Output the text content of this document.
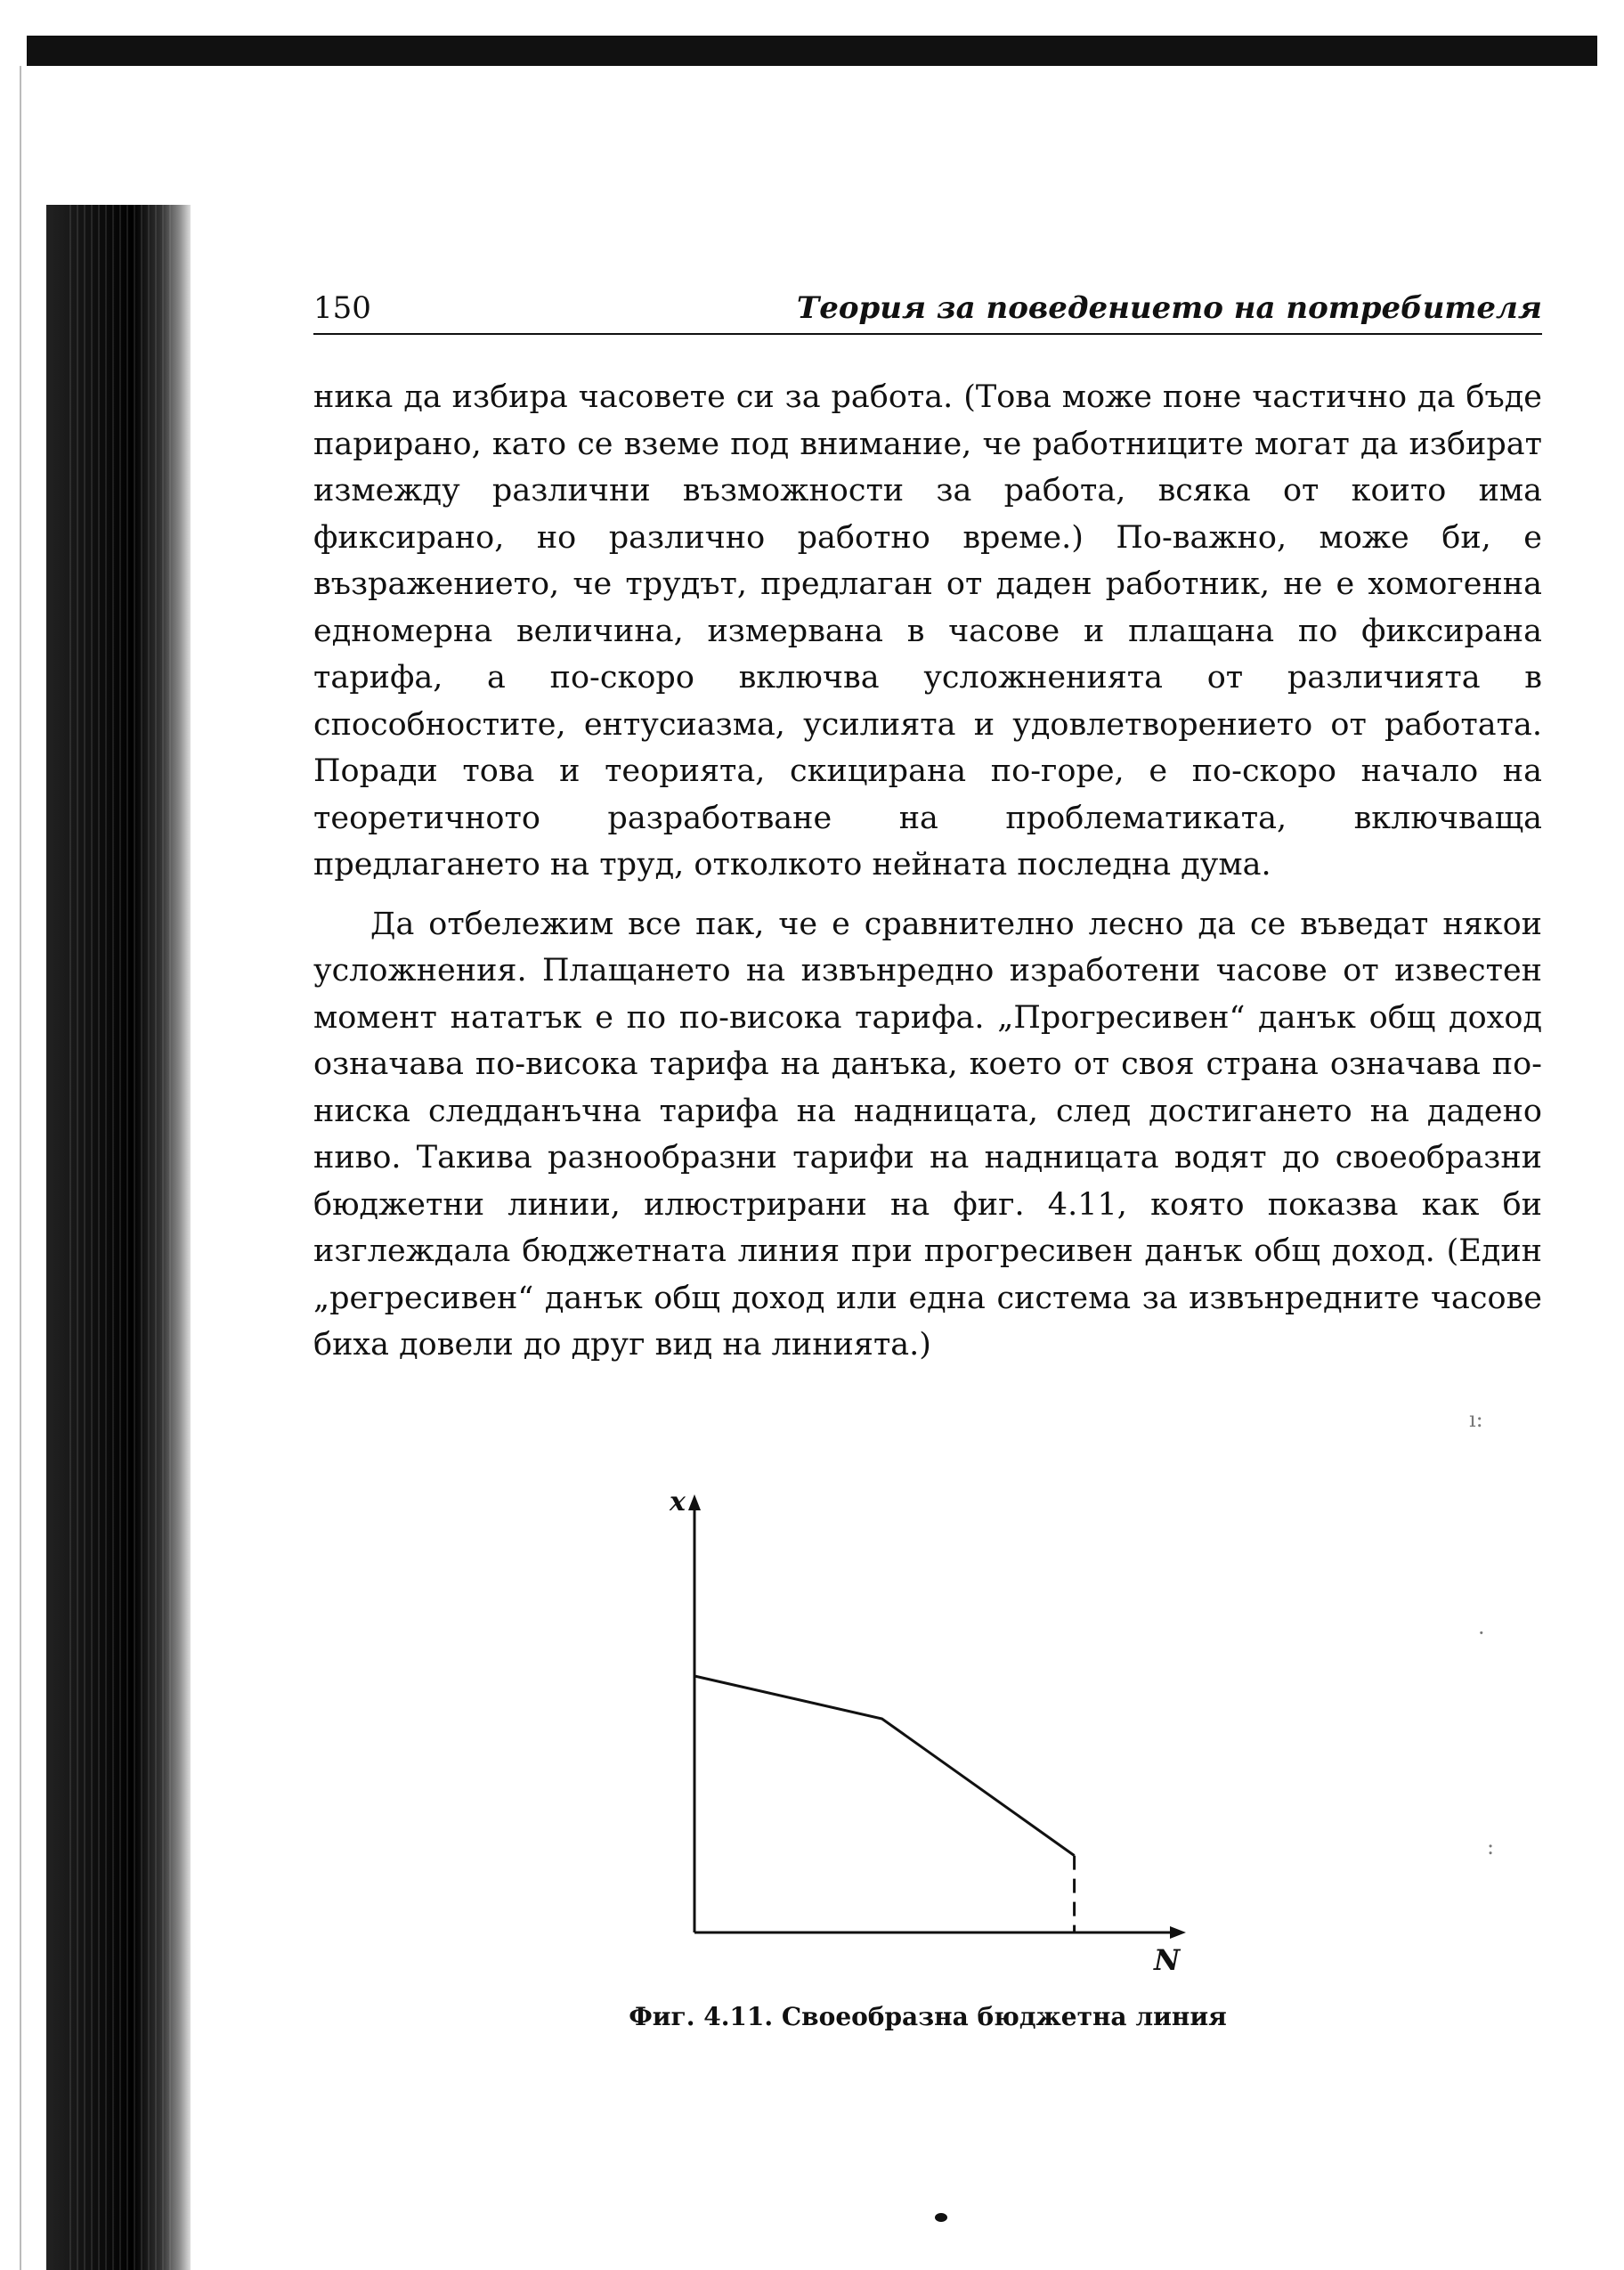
150	Теория за поведението на потребителя

ника да избира часовете си за работа. (Това може поне частично да бъде парирано, като се вземе под внимание, че работниците могат да избират измежду различни възможности за работа, всяка от които има фиксирано, но различно работно време.) По-важно, може би, е възражението, че трудът, предлаган от даден работник, не е хомогенна едномерна величина, измервана в часове и плащана по фиксирана тарифа, а по-скоро включва усложненията от различията в способностите, ентусиазма, усилията и удовлетворението от работата. Поради това и теорията, скицирана по-горе, е по-скоро начало на теоретичното разработване на проблематиката, включваща предлагането на труд, отколкото нейната последна дума.

Да отбележим все пак, че е сравнително лесно да се въведат някои усложнения. Плащането на извънредно изработени часове от известен момент нататък е по по-висока тарифа. „Прогресивен“ данък общ доход означава по-висока тарифа на данъка, което от своя страна означава по-ниска следданъчна тарифа на надницата, след достигането на дадено ниво. Такива разнообразни тарифи на надницата водят до своеобразни бюджетни линии, илюстрирани на фиг. 4.11, която показва как би изглеждала бюджетната линия при прогресивен данък общ доход. (Един „регресивен“ данък общ доход или една система за извънредните часове биха довели до друг вид на линията.)

x
N
Фиг. 4.11. Своеобразна бюджетна линия
ı:
·
:
